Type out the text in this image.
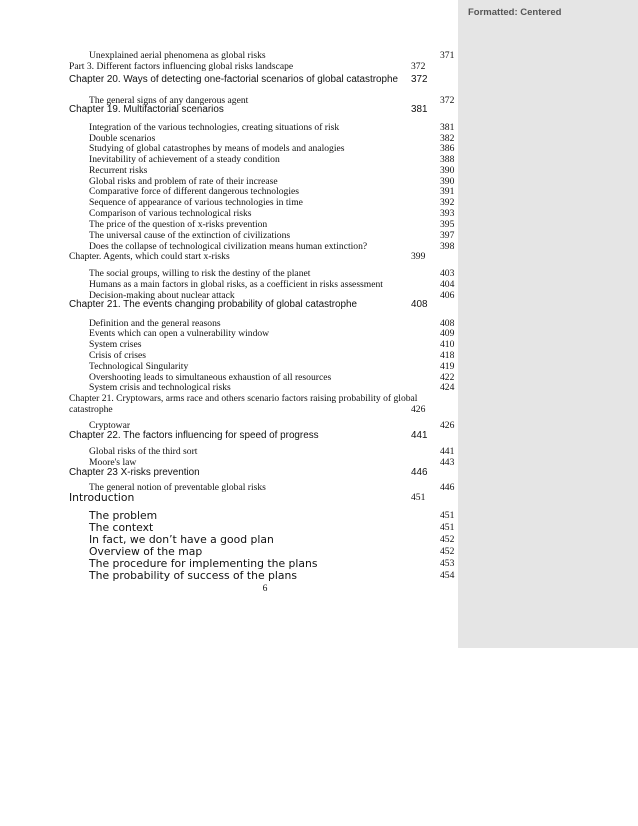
Formatted: Centered
Unexplained aerial phenomena as global risks	371
Part 3. Different factors influencing global risks landscape	372
Chapter 20. Ways of detecting one-factorial scenarios of global catastrophe 372
The general signs of any dangerous agent	372
Chapter 19. Multifactorial scenarios	381
Integration of the various technologies, creating situations of risk	381
Double scenarios	382
Studying of global catastrophes by means of models and analogies	386
Inevitability of achievement of a steady condition	388
Recurrent risks	390
Global risks and problem of rate of their increase	390
Comparative force of different dangerous technologies	391
Sequence of appearance of various technologies in time	392
Comparison of various technological risks	393
The price of the question of x-risks prevention	395
The universal cause of the extinction of civilizations	397
Does the collapse of technological civilization means human extinction?	398
Chapter. Agents, which could start x-risks	399
The social groups, willing to risk the destiny of the planet	403
Humans as a main factors in global risks, as a coefficient in risks assessment	404
Decision-making about nuclear attack	406
Chapter 21. The events changing probability of global catastrophe	408
Definition and the general reasons	408
Events which can open a vulnerability window	409
System crises	410
Crisis of crises	418
Technological Singularity	419
Overshooting leads to simultaneous exhaustion of all resources	422
System crisis and technological risks	424
Chapter 21. Cryptowars, arms race and others scenario factors raising probability of global
catastrophe	426
Cryptowar	426
Chapter 22. The factors influencing for speed of progress	441
Global risks of the third sort	441
Moore's law	443
Chapter 23 X-risks prevention	446
The general notion of preventable global risks	446
Introduction	451
The problem	451
The context	451
In fact, we don’t have a good plan	452
Overview of the map	452
The procedure for implementing the plans	453
The probability of success of the plans	454
6
